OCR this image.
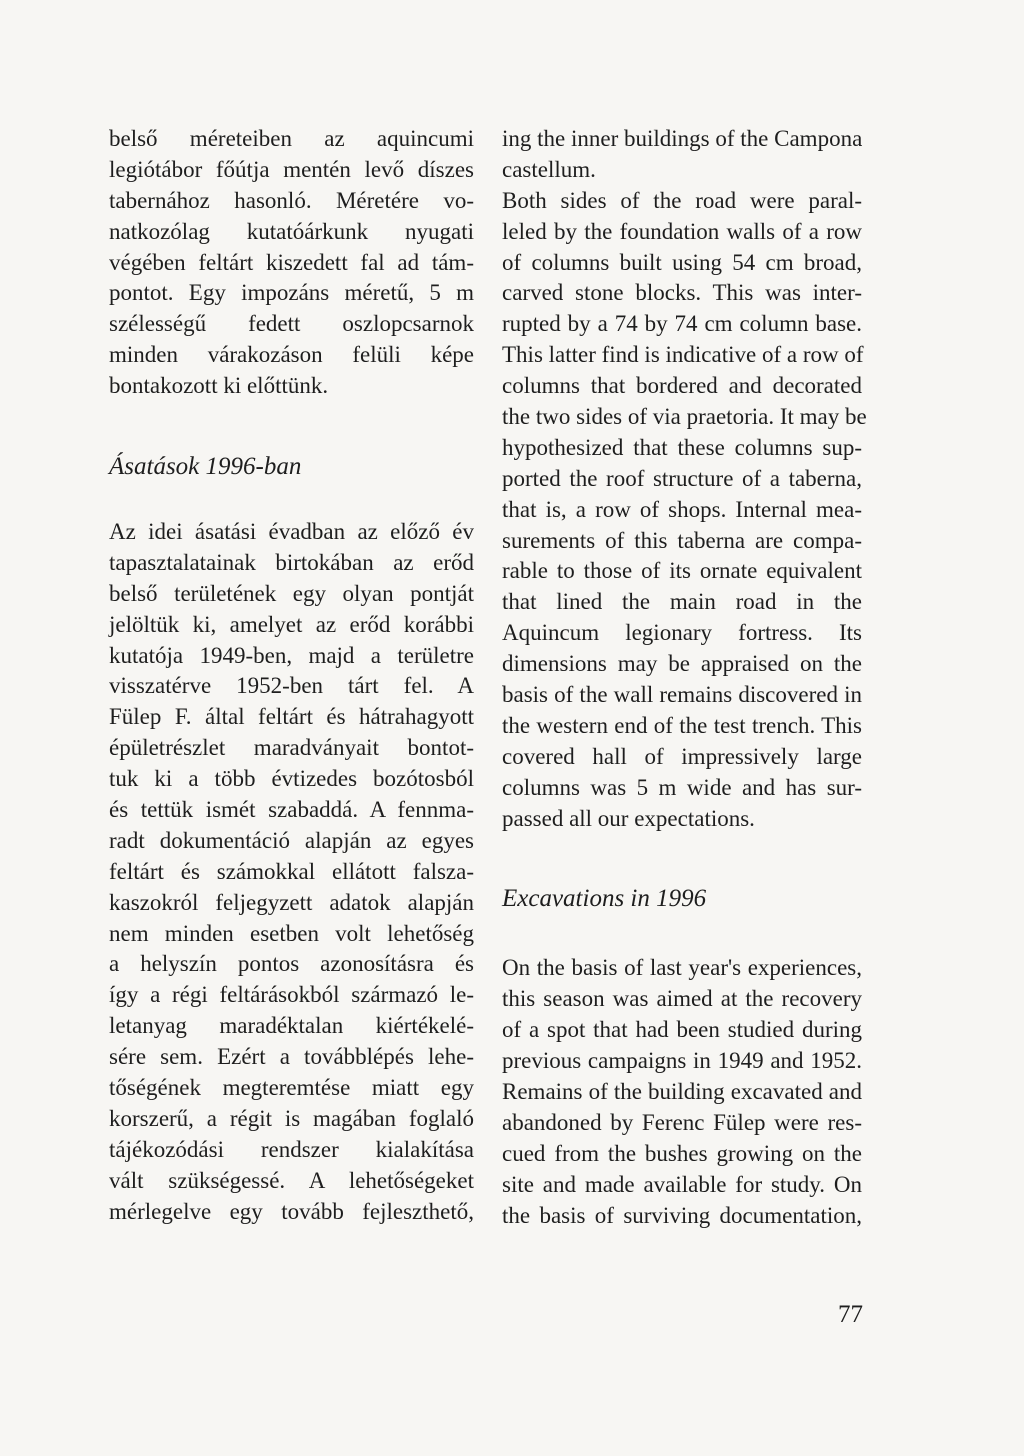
belső méreteiben az aquincumi
legiótábor főútja mentén levő díszes
tabernához hasonló. Méretére vo-
natkozólag kutatóárkunk nyugati
végében feltárt kiszedett fal ad tám-
pontot. Egy impozáns méretű, 5 m
szélességű fedett oszlopcsarnok
minden várakozáson felüli képe
bontakozott ki előttünk.
Ásatások 1996-ban
Az idei ásatási évadban az előző év
tapasztalatainak birtokában az erőd
belső területének egy olyan pontját
jelöltük ki, amelyet az erőd korábbi
kutatója 1949-ben, majd a területre
visszatérve 1952-ben tárt fel. A
Fülep F. által feltárt és hátrahagyott
épületrészlet maradványait bontot-
tuk ki a több évtizedes bozótosból
és tettük ismét szabaddá. A fennma-
radt dokumentáció alapján az egyes
feltárt és számokkal ellátott falsza-
kaszokról feljegyzett adatok alapján
nem minden esetben volt lehetőség
a helyszín pontos azonosításra és
így a régi feltárásokból származó le-
letanyag maradéktalan kiértékelé-
sére sem. Ezért a továbblépés lehe-
tőségének megteremtése miatt egy
korszerű, a régit is magában foglaló
tájékozódási rendszer kialakítása
vált szükségessé. A lehetőségeket
mérlegelve egy tovább fejleszthető,
ing the inner buildings of the Campona
castellum.
Both sides of the road were paral-
leled by the foundation walls of a row
of columns built using 54 cm broad,
carved stone blocks. This was inter-
rupted by a 74 by 74 cm column base.
This latter find is indicative of a row of
columns that bordered and decorated
the two sides of via praetoria. It may be
hypothesized that these columns sup-
ported the roof structure of a taberna,
that is, a row of shops. Internal mea-
surements of this taberna are compa-
rable to those of its ornate equivalent
that lined the main road in the
Aquincum legionary fortress. Its
dimensions may be appraised on the
basis of the wall remains discovered in
the western end of the test trench. This
covered hall of impressively large
columns was 5 m wide and has sur-
passed all our expectations.
Excavations in 1996
On the basis of last year's experiences,
this season was aimed at the recovery
of a spot that had been studied during
previous campaigns in 1949 and 1952.
Remains of the building excavated and
abandoned by Ferenc Fülep were res-
cued from the bushes growing on the
site and made available for study. On
the basis of surviving documentation,
77
